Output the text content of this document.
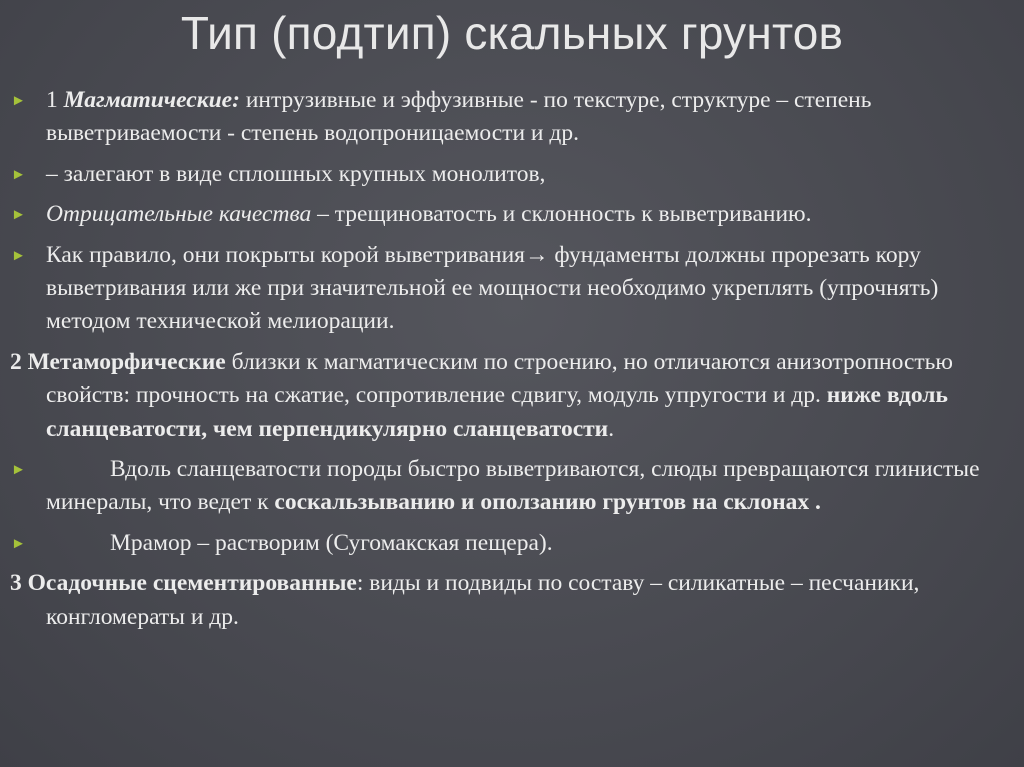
Тип (подтип) скальных грунтов
► 1 Магматические: интрузивные и эффузивные - по текстуре, структуре – степень выветриваемости - степень водопроницаемости и др.
► – залегают в виде сплошных крупных монолитов,
► Отрицательные качества – трещиноватость и склонность к выветриванию.
► Как правило, они покрыты корой выветривания→ фундаменты должны прорезать кору выветривания или же при значительной ее мощности необходимо укреплять (упрочнять) методом технической мелиорации.
2 Метаморфические близки к магматическим по строению, но отличаются анизотропностью свойств: прочность на сжатие, сопротивление сдвигу, модуль упругости и др. ниже вдоль сланцеватости, чем перпендикулярно сланцеватости.
►	Вдоль сланцеватости породы быстро выветриваются, слюды превращаются глинистые минералы, что ведет к соскальзыванию и оползанию грунтов на склонах .
►	Мрамор – растворим (Сугомакская пещера).
3 Осадочные сцементированные: виды и подвиды по составу – силикатные – песчаники, конгломераты и др.
